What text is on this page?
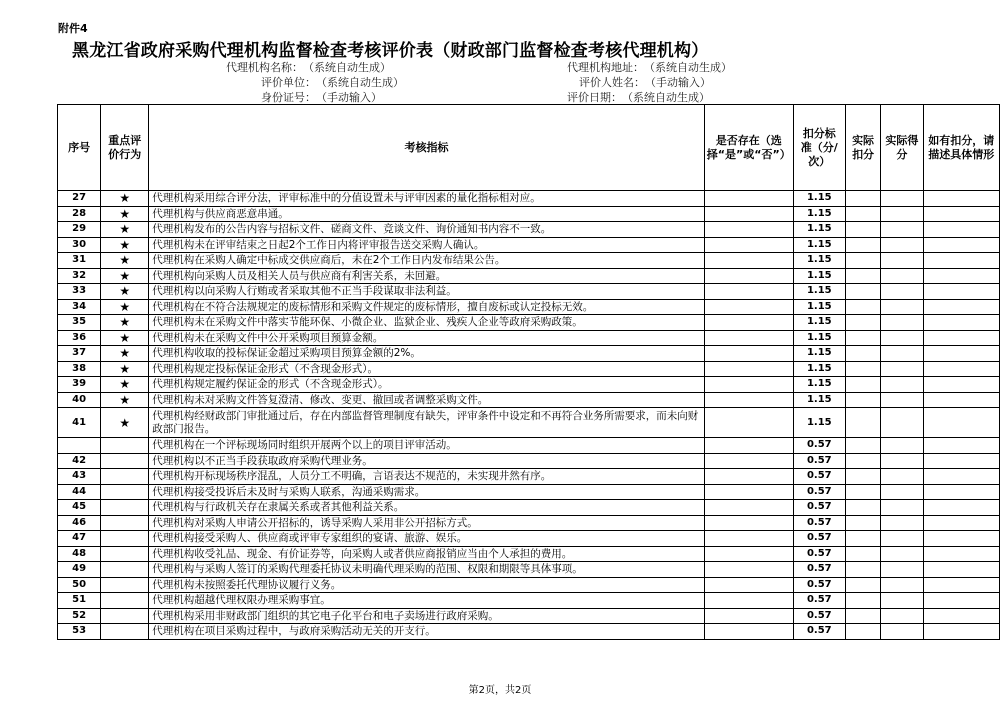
附件4
黑龙江省政府采购代理机构监督检查考核评价表（财政部门监督检查考核代理机构）
代理机构名称：（系统自动生成）	代理机构地址：（系统自动生成）
评价单位：（系统自动生成）	评价人姓名：（手动输入）
身份证号：（手动输入）	评价日期：（系统自动生成）
序号	重点评价行为	考核指标	是否存在（选择“是”或“否”）	扣分标准（分/次）	实际扣分	实际得分	如有扣分，请描述具体情形
27	★	代理机构采用综合评分法，评审标准中的分值设置未与评审因素的量化指标相对应。		1.15			
28	★	代理机构与供应商恶意串通。		1.15			
29	★	代理机构发布的公告内容与招标文件、磋商文件、竞谈文件、询价通知书内容不一致。		1.15			
30	★	代理机构未在评审结束之日起2个工作日内将评审报告送交采购人确认。		1.15			
31	★	代理机构在采购人确定中标成交供应商后，未在2个工作日内发布结果公告。		1.15			
32	★	代理机构向采购人员及相关人员与供应商有利害关系，未回避。		1.15			
33	★	代理机构以向采购人行贿或者采取其他不正当手段谋取非法利益。		1.15			
34	★	代理机构在不符合法规规定的废标情形和采购文件规定的废标情形，擅自废标或认定投标无效。		1.15			
35	★	代理机构未在采购文件中落实节能环保、小微企业、监狱企业、残疾人企业等政府采购政策。		1.15			
36	★	代理机构未在采购文件中公开采购项目预算金额。		1.15			
37	★	代理机构收取的投标保证金超过采购项目预算金额的2%。		1.15			
38	★	代理机构规定投标保证金形式（不含现金形式）。		1.15			
39	★	代理机构规定履约保证金的形式（不含现金形式）。		1.15			
40	★	代理机构未对采购文件答复澄清、修改、变更、撤回或者调整采购文件。		1.15			
41	★	代理机构经财政部门审批通过后，存在内部监督管理制度有缺失，评审条件中设定和不再符合业务所需要求，而未向财政部门报告。		1.15			
		代理机构在一个评标现场同时组织开展两个以上的项目评审活动。		0.57			
42		代理机构以不正当手段获取政府采购代理业务。		0.57			
43		代理机构开标现场秩序混乱，人员分工不明确，言语表达不规范的，未实现井然有序。		0.57			
44		代理机构接受投诉后未及时与采购人联系，沟通采购需求。		0.57			
45		代理机构与行政机关存在隶属关系或者其他利益关系。		0.57			
46		代理机构对采购人申请公开招标的，诱导采购人采用非公开招标方式。		0.57			
47		代理机构接受采购人、供应商或评审专家组织的宴请、旅游、娱乐。		0.57			
48		代理机构收受礼品、现金、有价证券等，向采购人或者供应商报销应当由个人承担的费用。		0.57			
49		代理机构与采购人签订的采购代理委托协议未明确代理采购的范围、权限和期限等具体事项。		0.57			
50		代理机构未按照委托代理协议履行义务。		0.57			
51		代理机构超越代理权限办理采购事宜。		0.57			
52		代理机构采用非财政部门组织的其它电子化平台和电子卖场进行政府采购。		0.57			
53		代理机构在项目采购过程中，与政府采购活动无关的开支行。		0.57			
第2页，共2页
